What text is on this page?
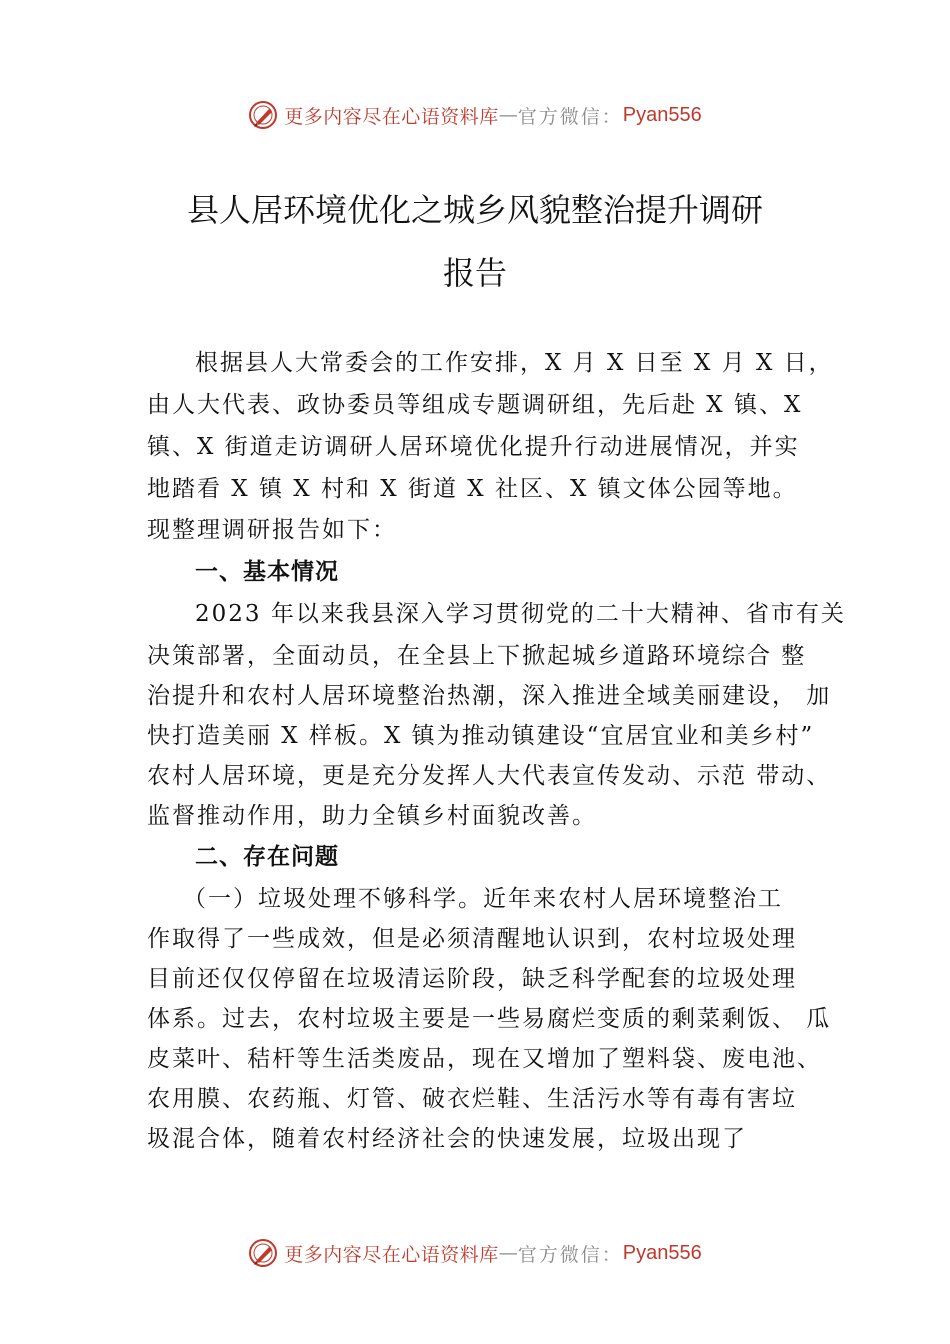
更多内容尽在心语资料库 — 官方微信： Pyan556
县人居环境优化之城乡风貌整治提升调研
报告
根据县人大常委会的工作安排，X 月 X 日至 X 月 X 日，
由人大代表、政协委员等组成专题调研组，先后赴 X 镇、X
镇、X 街道走访调研人居环境优化提升行动进展情况，并实
地踏看 X 镇 X 村和 X 街道 X 社区、X 镇文体公园等地。
现整理调研报告如下：
一、基本情况
2023 年以来我县深入学习贯彻党的二十大精神、省市有关
决策部署，全面动员，在全县上下掀起城乡道路环境综合 整
治提升和农村人居环境整治热潮，深入推进全域美丽建设， 加
快打造美丽 X 样板。X 镇为推动镇建设“宜居宜业和美乡村”
农村人居环境，更是充分发挥人大代表宣传发动、示范 带动、
监督推动作用，助力全镇乡村面貌改善。
二、存在问题
（一）垃圾处理不够科学。近年来农村人居环境整治工
作取得了一些成效，但是必须清醒地认识到，农村垃圾处理
目前还仅仅停留在垃圾清运阶段，缺乏科学配套的垃圾处理
体系。过去，农村垃圾主要是一些易腐烂变质的剩菜剩饭、 瓜
皮菜叶、秸杆等生活类废品，现在又增加了塑料袋、废电池、
农用膜、农药瓶、灯管、破衣烂鞋、生活污水等有毒有害垃
圾混合体，随着农村经济社会的快速发展，垃圾出现了
更多内容尽在心语资料库 — 官方微信： Pyan556
